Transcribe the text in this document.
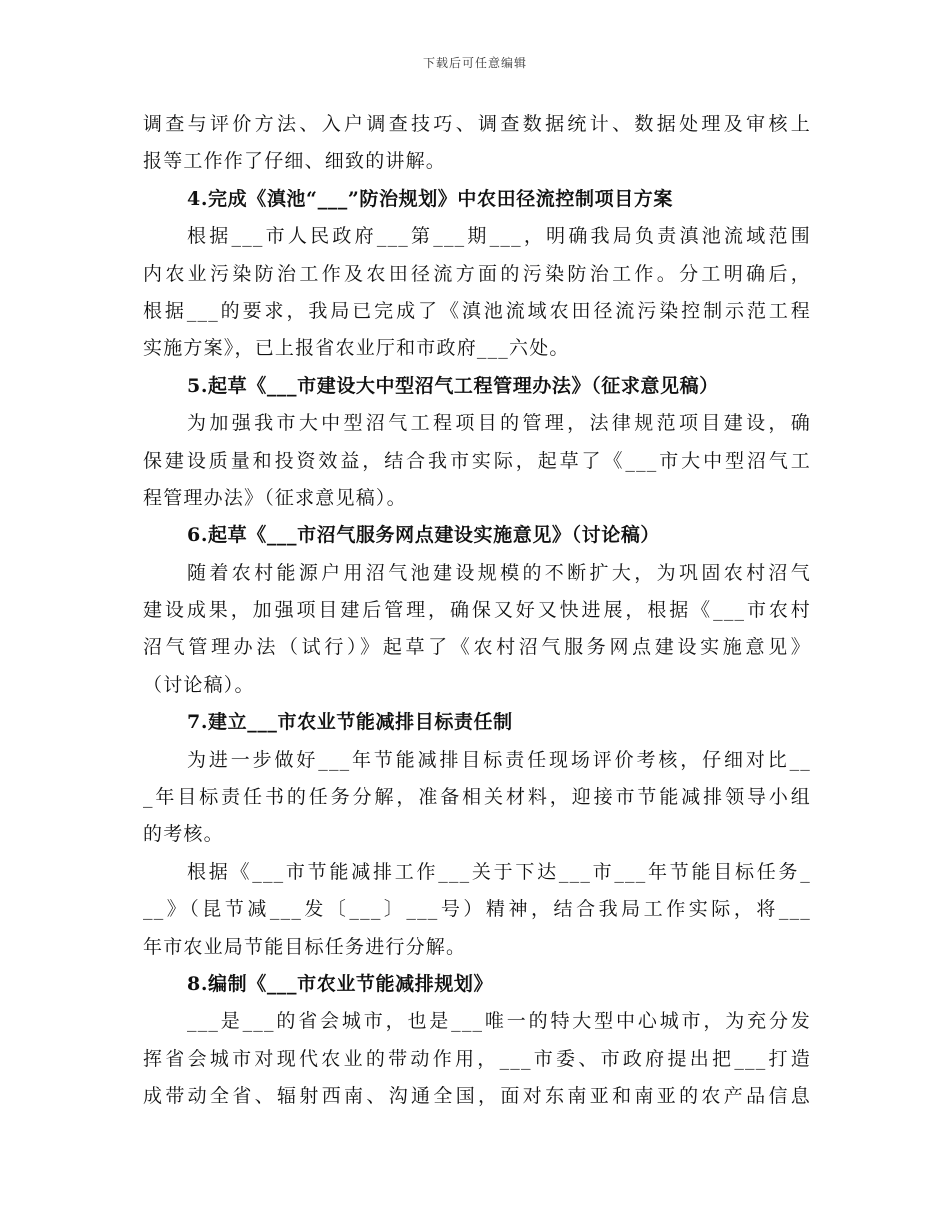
下载后可任意编辑
调查与评价方法、入户调查技巧、调查数据统计、数据处理及审核上
报等工作作了仔细、细致的讲解。
4.完成《滇池“___”防治规划》中农田径流控制项目方案
根据___市人民政府___第___期___，明确我局负责滇池流域范围
内农业污染防治工作及农田径流方面的污染防治工作。分工明确后，
根据___的要求，我局已完成了《滇池流域农田径流污染控制示范工程
实施方案》，已上报省农业厅和市政府___六处。
5.起草《___市建设大中型沼气工程管理办法》（征求意见稿）
为加强我市大中型沼气工程项目的管理，法律规范项目建设，确
保建设质量和投资效益，结合我市实际，起草了《___市大中型沼气工
程管理办法》（征求意见稿）。
6.起草《___市沼气服务网点建设实施意见》（讨论稿）
随着农村能源户用沼气池建设规模的不断扩大，为巩固农村沼气
建设成果，加强项目建后管理，确保又好又快进展，根据《___市农村
沼气管理办法（试行）》起草了《农村沼气服务网点建设实施意见》
（讨论稿）。
7.建立___市农业节能减排目标责任制
为进一步做好___年节能减排目标责任现场评价考核，仔细对比__
_年目标责任书的任务分解，准备相关材料，迎接市节能减排领导小组
的考核。
根据《___市节能减排工作___关于下达___市___年节能目标任务_
__》（昆节减___发〔___〕___号）精神，结合我局工作实际，将___
年市农业局节能目标任务进行分解。
8.编制《___市农业节能减排规划》
___是___的省会城市，也是___唯一的特大型中心城市，为充分发
挥省会城市对现代农业的带动作用，___市委、市政府提出把___打造
成带动全省、辐射西南、沟通全国，面对东南亚和南亚的农产品信息
